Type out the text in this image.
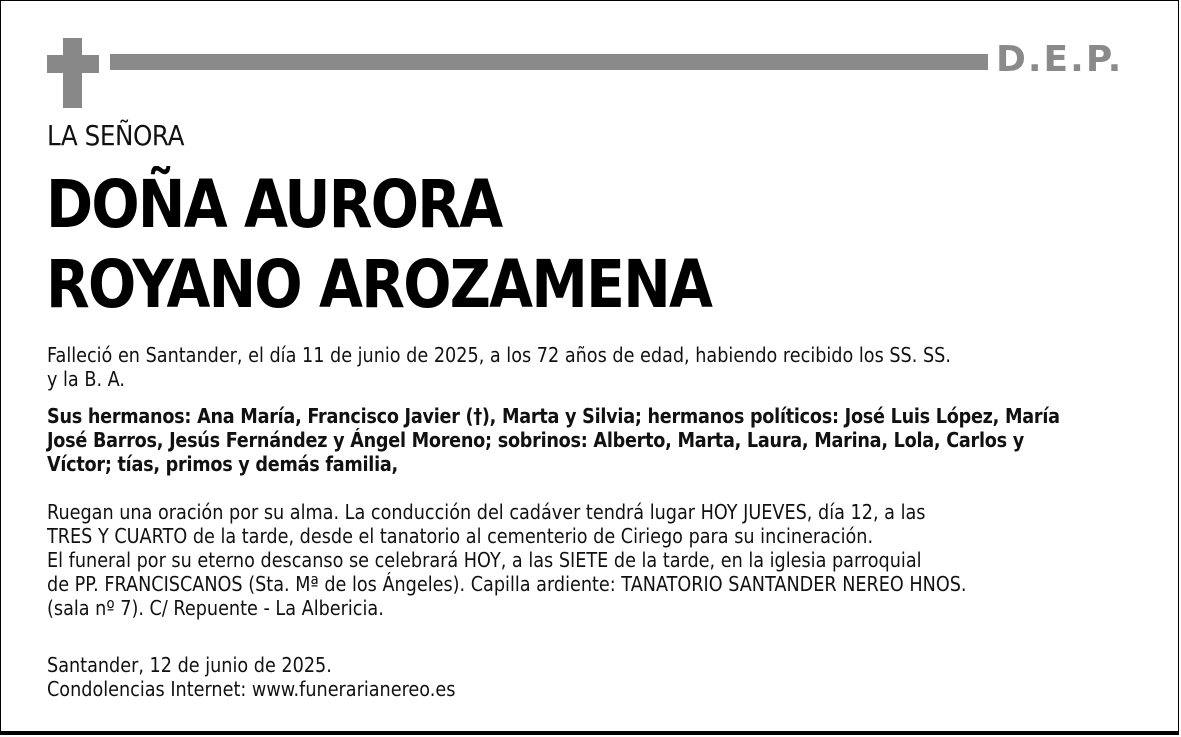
D.E.P.
LA SEÑORA
DOÑA AURORA
ROYANO AROZAMENA
Falleció en Santander, el día 11 de junio de 2025, a los 72 años de edad, habiendo recibido los SS. SS.
y la B. A.
Sus hermanos: Ana María, Francisco Javier (†), Marta y Silvia; hermanos políticos: José Luis López, María
José Barros, Jesús Fernández y Ángel Moreno; sobrinos: Alberto, Marta, Laura, Marina, Lola, Carlos y
Víctor; tías, primos y demás familia,
Ruegan una oración por su alma. La conducción del cadáver tendrá lugar HOY JUEVES, día 12, a las
TRES Y CUARTO de la tarde, desde el tanatorio al cementerio de Ciriego para su incineración.
El funeral por su eterno descanso se celebrará HOY, a las SIETE de la tarde, en la iglesia parroquial
de PP. FRANCISCANOS (Sta. Mª de los Ángeles). Capilla ardiente: TANATORIO SANTANDER NEREO HNOS.
(sala nº 7). C/ Repuente - La Albericia.
Santander, 12 de junio de 2025.
Condolencias Internet: www.funerarianereo.es
